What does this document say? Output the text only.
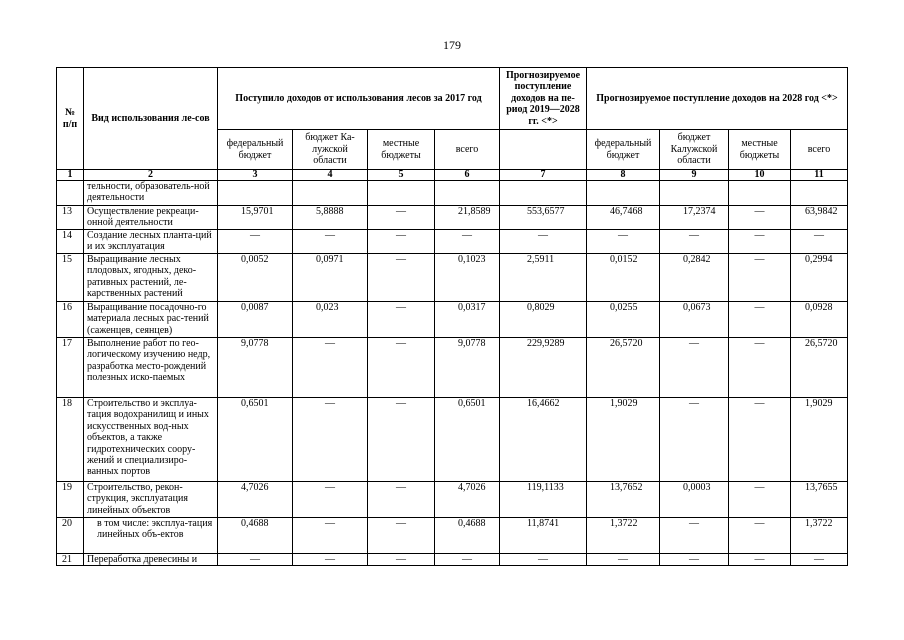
179
№ п/п	Вид использования ле-сов	Поступило доходов от использования лесов за 2017 год				Прогнозируемое поступление доходов на пе-риод 2019—2028 гг. <*>	Прогнозируемое поступление доходов на 2028 год <*>			
		федеральный бюджет	бюджет Ка-лужской области	местные бюджеты	всего		федеральный бюджет	бюджет Калужской области	местные бюджеты	всего
1	2	3	4	5	6	7	8	9	10	11
	тельности, образователь-ной деятельности									
13	Осуществление рекреаци-онной деятельности	15,9701	5,8888	—	21,8589	553,6577	46,7468	17,2374	—	63,9842
14	Создание лесных планта-ций и их эксплуатация	—	—	—	—	—	—	—	—	—
15	Выращивание лесных плодовых, ягодных, деко-ративных растений, ле-карственных растений	0,0052	0,0971	—	0,1023	2,5911	0,0152	0,2842	—	0,2994
16	Выращивание посадочно-го материала лесных рас-тений (саженцев, сеянцев)	0,0087	0,023	—	0,0317	0,8029	0,0255	0,0673	—	0,0928
17	Выполнение работ по гео-логическому изучению недр, разработка место-рождений полезных иско-паемых	9,0778	—	—	9,0778	229,9289	26,5720	—	—	26,5720
18	Строительство и эксплуа-тация водохранилищ и иных искусственных вод-ных объектов, а также гидротехнических соору-жений и специализиро-ванных портов	0,6501	—	—	0,6501	16,4662	1,9029	—	—	1,9029
19	Строительство, рекон-струкция, эксплуатация линейных объектов	4,7026	—	—	4,7026	119,1133	13,7652	0,0003	—	13,7655
20	в том числе: эксплуа-тация линейных объ-ектов	0,4688	—	—	0,4688	11,8741	1,3722	—	—	1,3722
21	Переработка древесины и	—	—	—	—	—	—	—	—	—
